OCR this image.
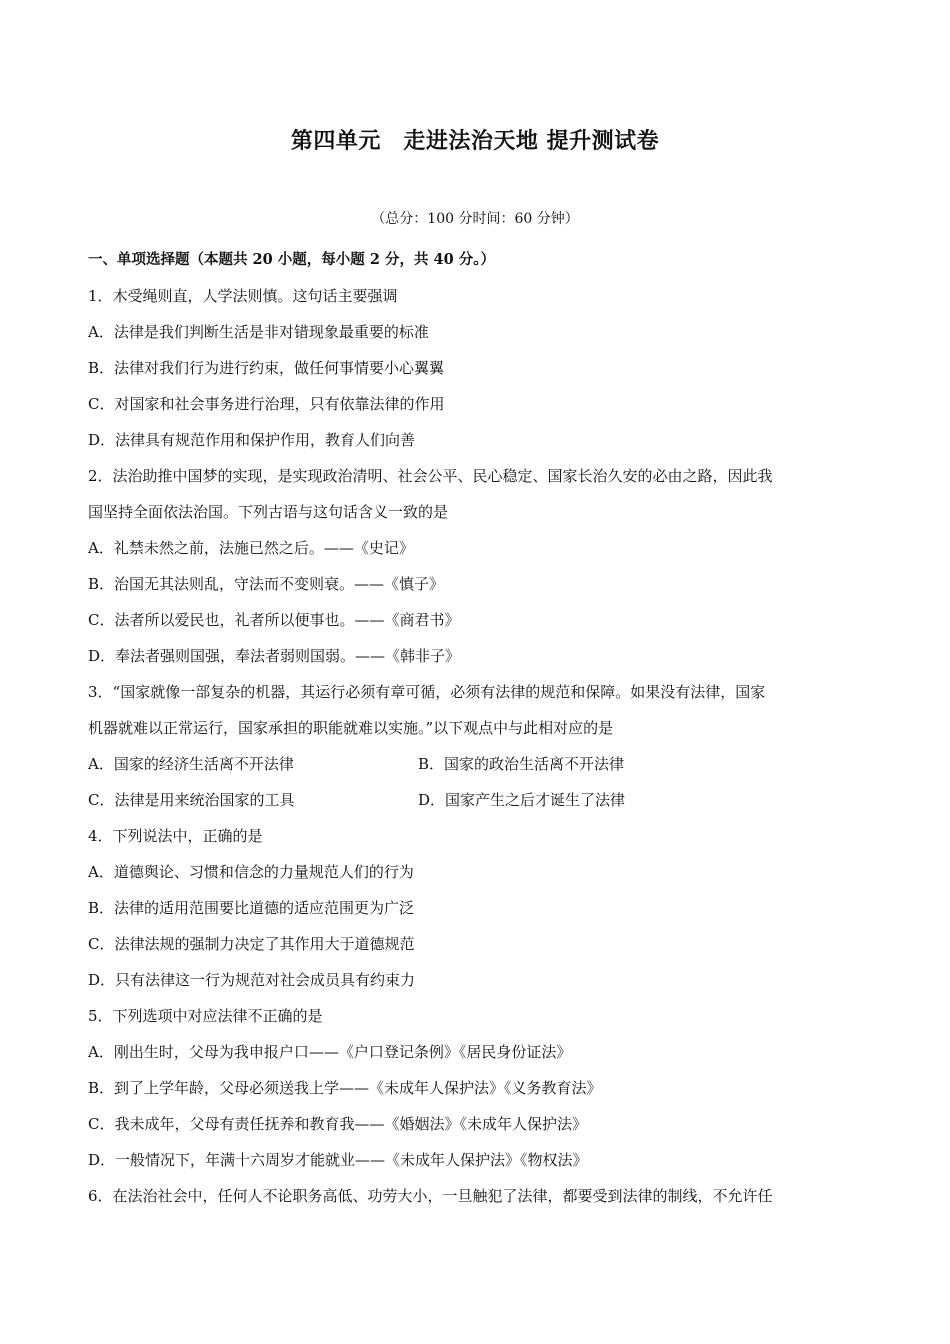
第四单元　走进法治天地 提升测试卷
（总分：100 分时间：60 分钟）
一、单项选择题（本题共 20 小题，每小题 2 分，共 40 分。）
1．木受绳则直，人学法则慎。这句话主要强调
A．法律是我们判断生活是非对错现象最重要的标准
B．法律对我们行为进行约束，做任何事情要小心翼翼
C．对国家和社会事务进行治理，只有依靠法律的作用
D．法律具有规范作用和保护作用，教育人们向善
2．法治助推中国梦的实现，是实现政治清明、社会公平、民心稳定、国家长治久安的必由之路，因此我
国坚持全面依法治国。下列古语与这句话含义一致的是
A．礼禁未然之前，法施已然之后。——《史记》
B．治国无其法则乱，守法而不变则衰。——《慎子》
C．法者所以爱民也，礼者所以便事也。——《商君书》
D．奉法者强则国强，奉法者弱则国弱。——《韩非子》
3．“国家就像一部复杂的机器，其运行必须有章可循，必须有法律的规范和保障。如果没有法律，国家
机器就难以正常运行，国家承担的职能就难以实施。”以下观点中与此相对应的是
A．国家的经济生活离不开法律	B．国家的政治生活离不开法律
C．法律是用来统治国家的工具	D．国家产生之后才诞生了法律
4．下列说法中，正确的是
A．道德舆论、习惯和信念的力量规范人们的行为
B．法律的适用范围要比道德的适应范围更为广泛
C．法律法规的强制力决定了其作用大于道德规范
D．只有法律这一行为规范对社会成员具有约束力
5．下列选项中对应法律不正确的是
A．刚出生时，父母为我申报户口——《户口登记条例》《居民身份证法》
B．到了上学年龄，父母必须送我上学——《未成年人保护法》《义务教育法》
C．我未成年，父母有责任抚养和教育我——《婚姻法》《未成年人保护法》
D．一般情况下，年满十六周岁才能就业——《未成年人保护法》《物权法》
6．在法治社会中，任何人不论职务高低、功劳大小，一旦触犯了法律，都要受到法律的制线，不允许任
